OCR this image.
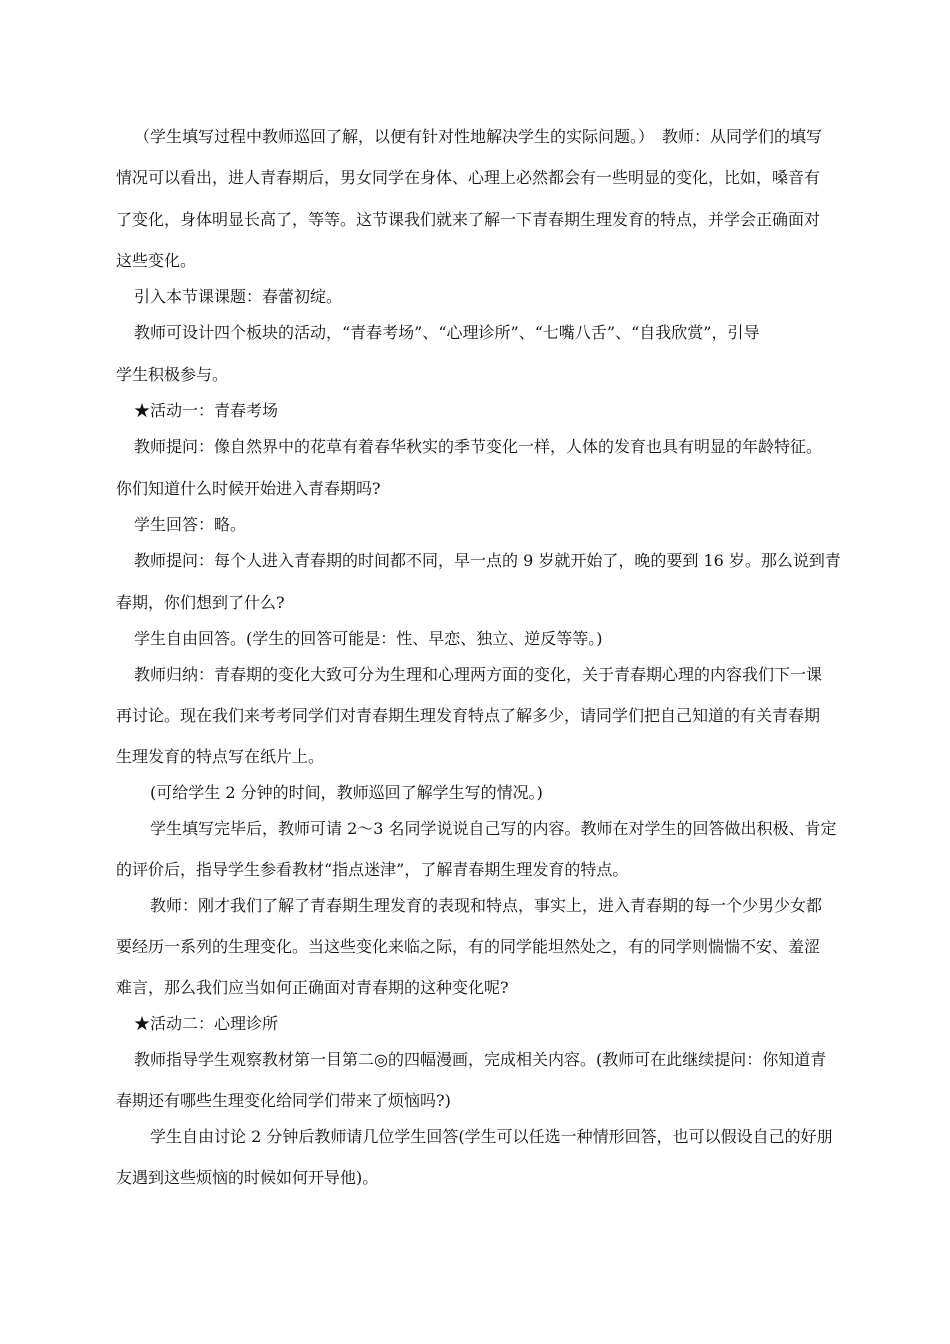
（学生填写过程中教师巡回了解，以便有针对性地解决学生的实际问题。）　教师：从同学们的填写
情况可以看出，进人青春期后，男女同学在身体、心理上必然都会有一些明显的变化，比如，嗓音有
了变化，身体明显长高了，等等。这节课我们就来了解一下青春期生理发育的特点，并学会正确面对
这些变化。
引入本节课课题：春蕾初绽。
教师可设计四个板块的活动，“青春考场”、“心理诊所”、“七嘴八舌”、“自我欣赏”，引导
学生积极参与。
★活动一：青春考场
教师提问：像自然界中的花草有着春华秋实的季节变化一样，人体的发育也具有明显的年龄特征。
你们知道什么时候开始进入青春期吗?
学生回答：略。
教师提问：每个人进入青春期的时间都不同，早一点的 9 岁就开始了，晚的要到 16 岁。那么说到青
春期，你们想到了什么?
学生自由回答。(学生的回答可能是：性、早恋、独立、逆反等等。)
教师归纳：青春期的变化大致可分为生理和心理两方面的变化，关于青春期心理的内容我们下一课
再讨论。现在我们来考考同学们对青春期生理发育特点了解多少，请同学们把自己知道的有关青春期
生理发育的特点写在纸片上。
(可给学生 2 分钟的时间，教师巡回了解学生写的情况。)
学生填写完毕后，教师可请 2～3 名同学说说自己写的内容。教师在对学生的回答做出积极、肯定
的评价后，指导学生参看教材“指点迷津”，了解青春期生理发育的特点。
教师：刚才我们了解了青春期生理发育的表现和特点，事实上，进入青春期的每一个少男少女都
要经历一系列的生理变化。当这些变化来临之际，有的同学能坦然处之，有的同学则惴惴不安、羞涩
难言，那么我们应当如何正确面对青春期的这种变化呢?
★活动二：心理诊所
教师指导学生观察教材第一目第二◎的四幅漫画，完成相关内容。(教师可在此继续提问：你知道青
春期还有哪些生理变化给同学们带来了烦恼吗?)
学生自由讨论 2 分钟后教师请几位学生回答(学生可以任选一种情形回答，也可以假设自己的好朋
友遇到这些烦恼的时候如何开导他)。
